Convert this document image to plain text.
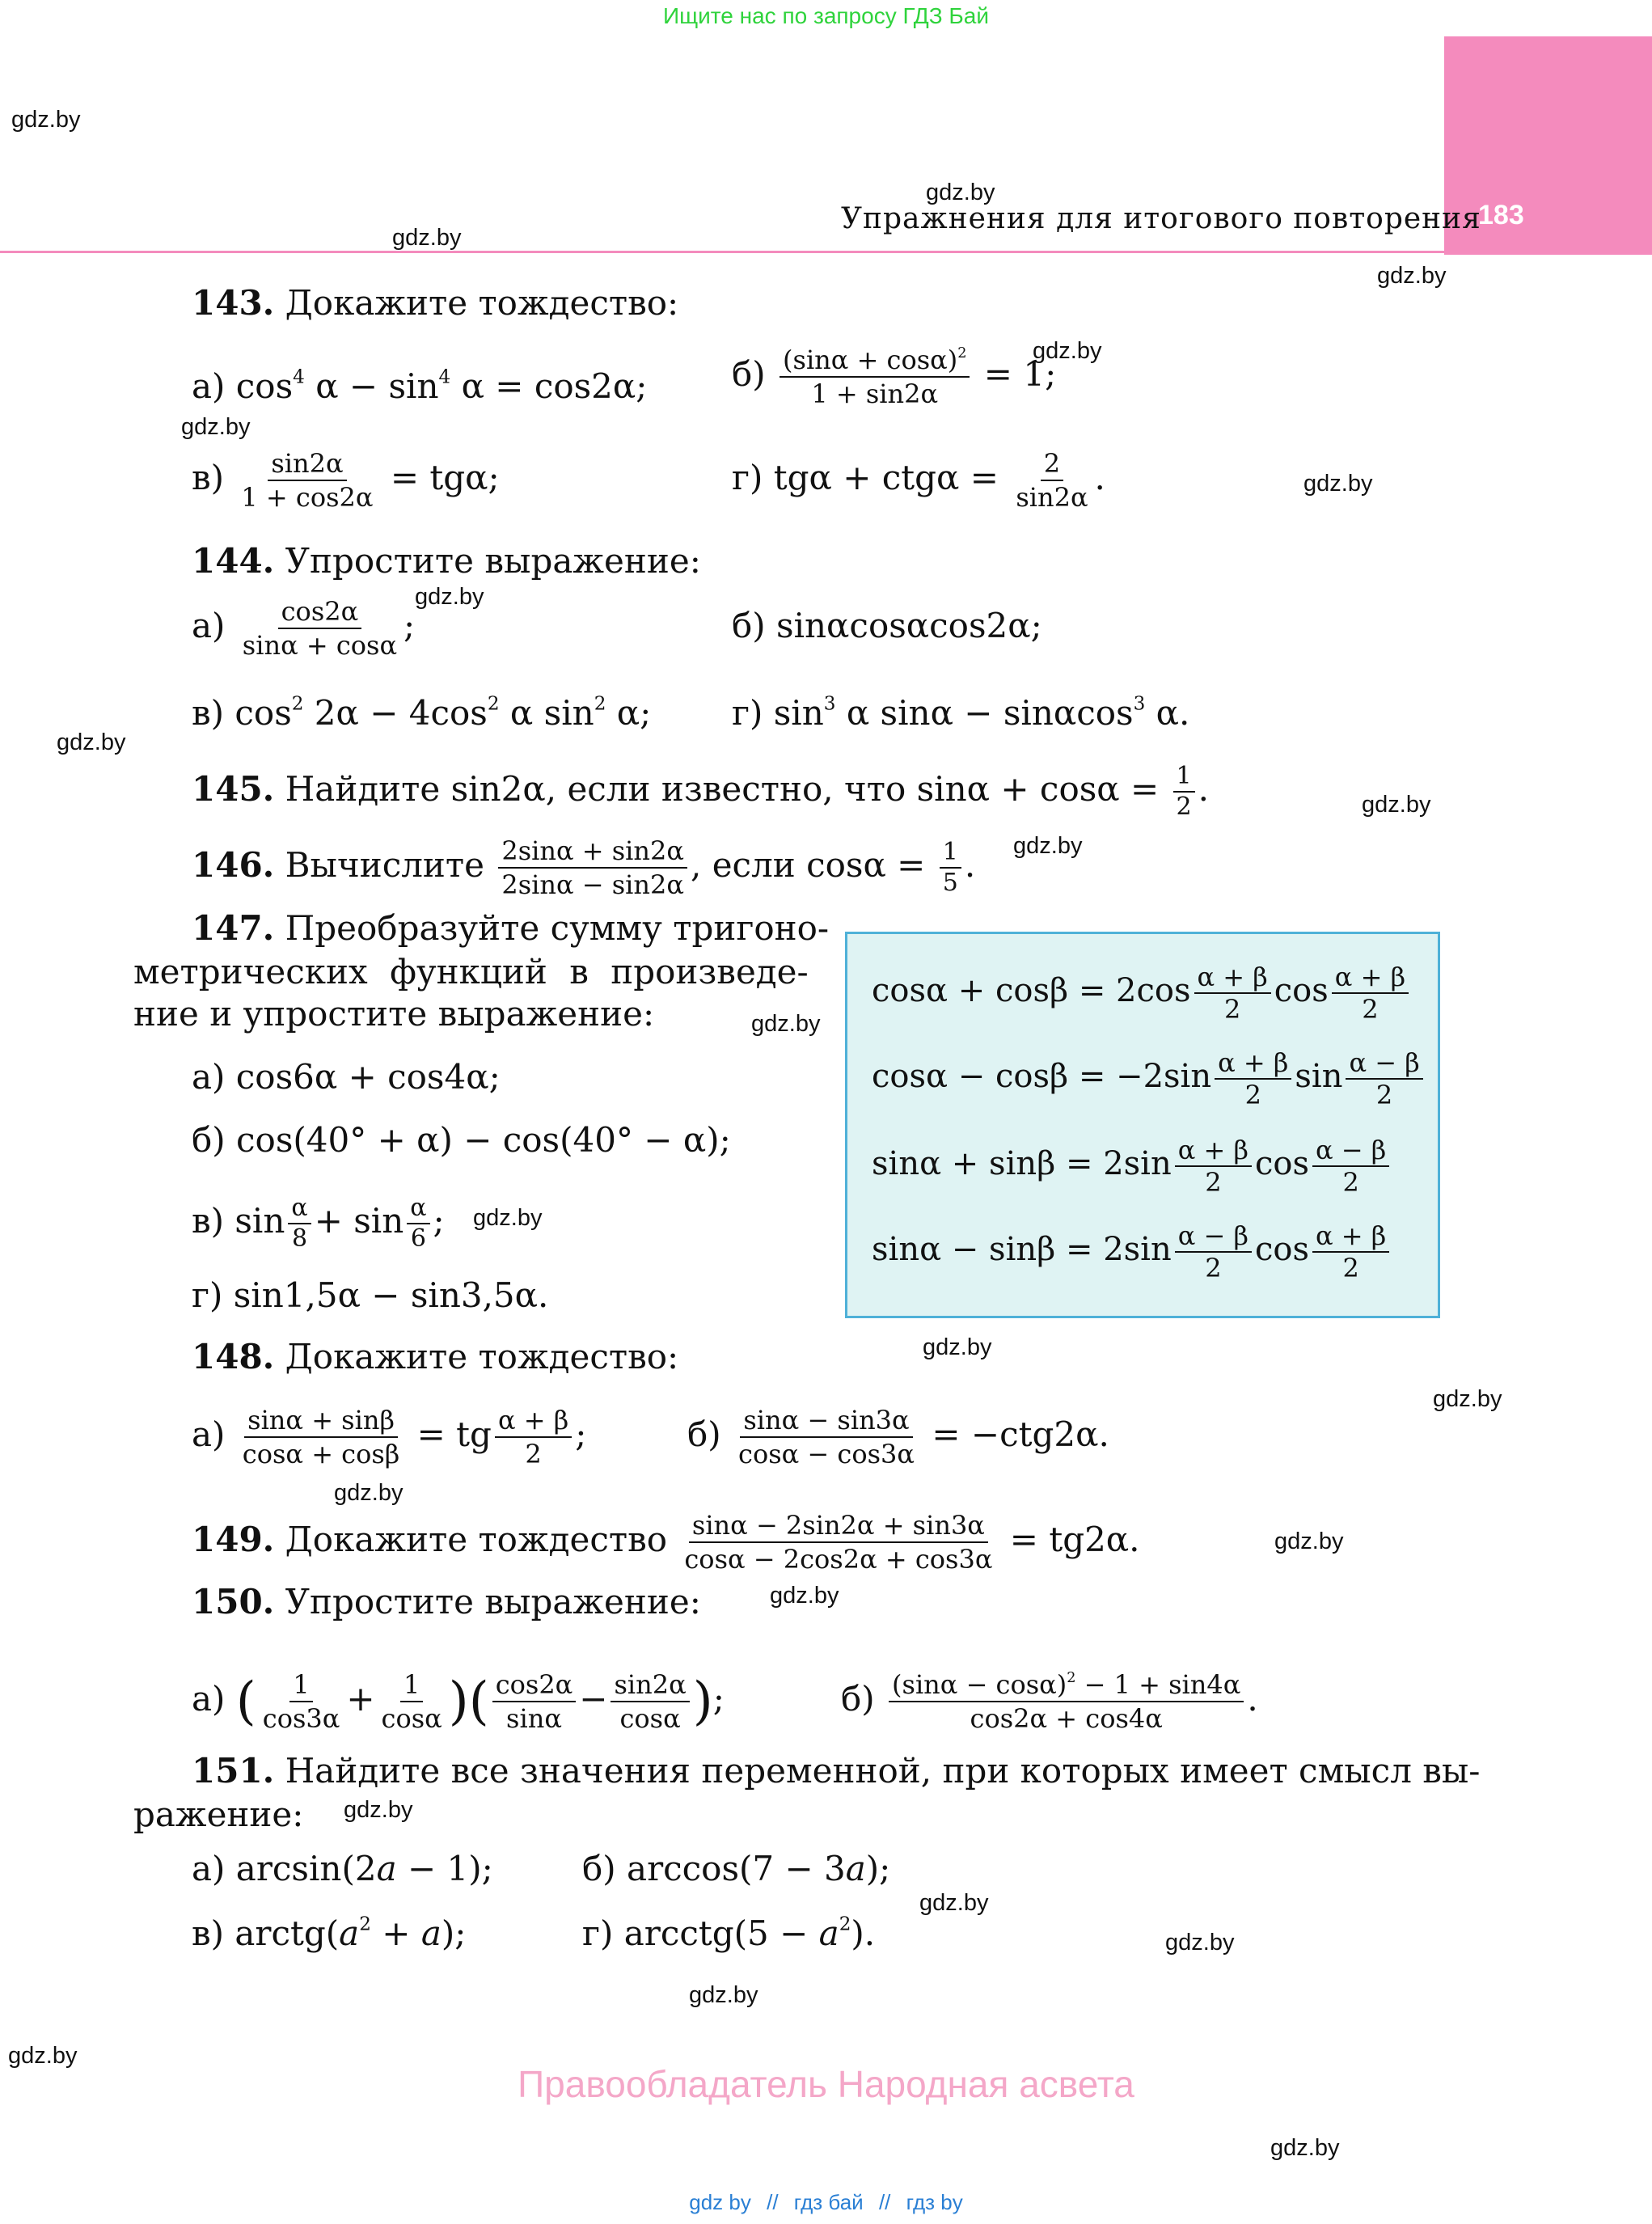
Ищите нас по запросу ГДЗ Бай
183
Упражнения для итогового повторения
gdz.by
gdz.by
gdz.by
gdz.by
gdz.by
gdz.by
gdz.by
gdz.by
gdz.by
gdz.by
gdz.by
gdz.by
gdz.by
gdz.by
gdz.by
gdz.by
gdz.by
gdz.by
gdz.by
gdz.by
gdz.by
gdz.by
gdz.by
gdz.by
143. Докажите тождество:
а) $\cos^4 \alpha - \sin^4 \alpha = \cos 2\alpha$; $б) \frac{(\sin\alpha + \cos\alpha)^2}{1 + \sin 2\alpha} = 1$;
$в) \frac{\sin 2\alpha}{1 + \cos 2\alpha} = tg\alpha$;	г) $tg\alpha + ctg\alpha = \frac{2}{\sin 2\alpha}$ .
144. Упростите выражение:
$а) \frac{\cos 2\alpha}{\sin\alpha + \cos\alpha}$ ;	б) sinαcosαcos2α;
в) $\cos^2 2\alpha - 4\cos^2$ α $\sin^2 \alpha$; г) $\sin^3 \alpha$ sinα − sinαcos$^3$ α.
145. Найдите sin2α, если известно, что $\sin\alpha + \cos\alpha = \frac{1}{2}$ .
146. Вычислите $\frac{2\sin\alpha + \sin 2\alpha}{2\sin\alpha - \sin 2\alpha}$ , если $\cos\alpha = \frac{1}{5}$ .
147. Преобразуйте сумму тригоно-
метрических функций в произведе-
ние и упростите выражение:
а) cos6α + cos4α;
б) cos(40° + α) − cos(40° − α);
в) $\sin \frac{\alpha}{8} + \sin \frac{\alpha}{6}$ ;
г) sin1,5α − sin3,5α.
$\cos\alpha + \cos\beta = 2\cos \frac{\alpha + \beta}{2}$ $\cos \frac{\alpha + \beta}{2}$
$\cos\alpha - \cos\beta = -2\sin \frac{\alpha + \beta}{2}$ $\sin \frac{\alpha - \beta}{2}$
$\sin\alpha + \sin\beta = 2\sin \frac{\alpha + \beta}{2}$ $\cos \frac{\alpha - \beta}{2}$
$\sin\alpha - \sin\beta = 2\sin \frac{\alpha - \beta}{2}$ $\cos \frac{\alpha + \beta}{2}$
148. Докажите тождество:
$а) \frac{\sin\alpha + \sin\beta}{\cos\alpha + \cos\beta}$ = tg $\frac{\alpha + \beta}{2}$ ;	$б) \frac{\sin\alpha - \sin 3\alpha}{\cos\alpha - \cos 3\alpha} = -ctg2\alpha$.
149. Докажите тождество $\frac{\sin\alpha - 2\sin 2\alpha + \sin 3\alpha}{\cos\alpha - 2\cos 2\alpha + \cos 3\alpha} = tg2\alpha$.
150. Упростите выражение:
а) ( $\frac{1}{\cos 3\alpha} + \frac{1}{\cos\alpha}$ )( $\frac{\cos 2\alpha}{\sin\alpha} - \frac{\sin 2\alpha}{\cos\alpha}$ );	$б) \frac{(\sin\alpha - \cos\alpha)^2 - 1 + \sin 4\alpha}{\cos 2\alpha + \cos 4\alpha}$ .
151. Найдите все значения переменной, при которых имеет смысл вы-
ражение:
а) arcsin(2a − 1);	б) arccos(7 − 3a);
в) $arctg(a^2 + a)$;	г) arcctg(5 − $a^2$).
Правообладатель Народная асвета
gdz by // гдз бай // гдз by
